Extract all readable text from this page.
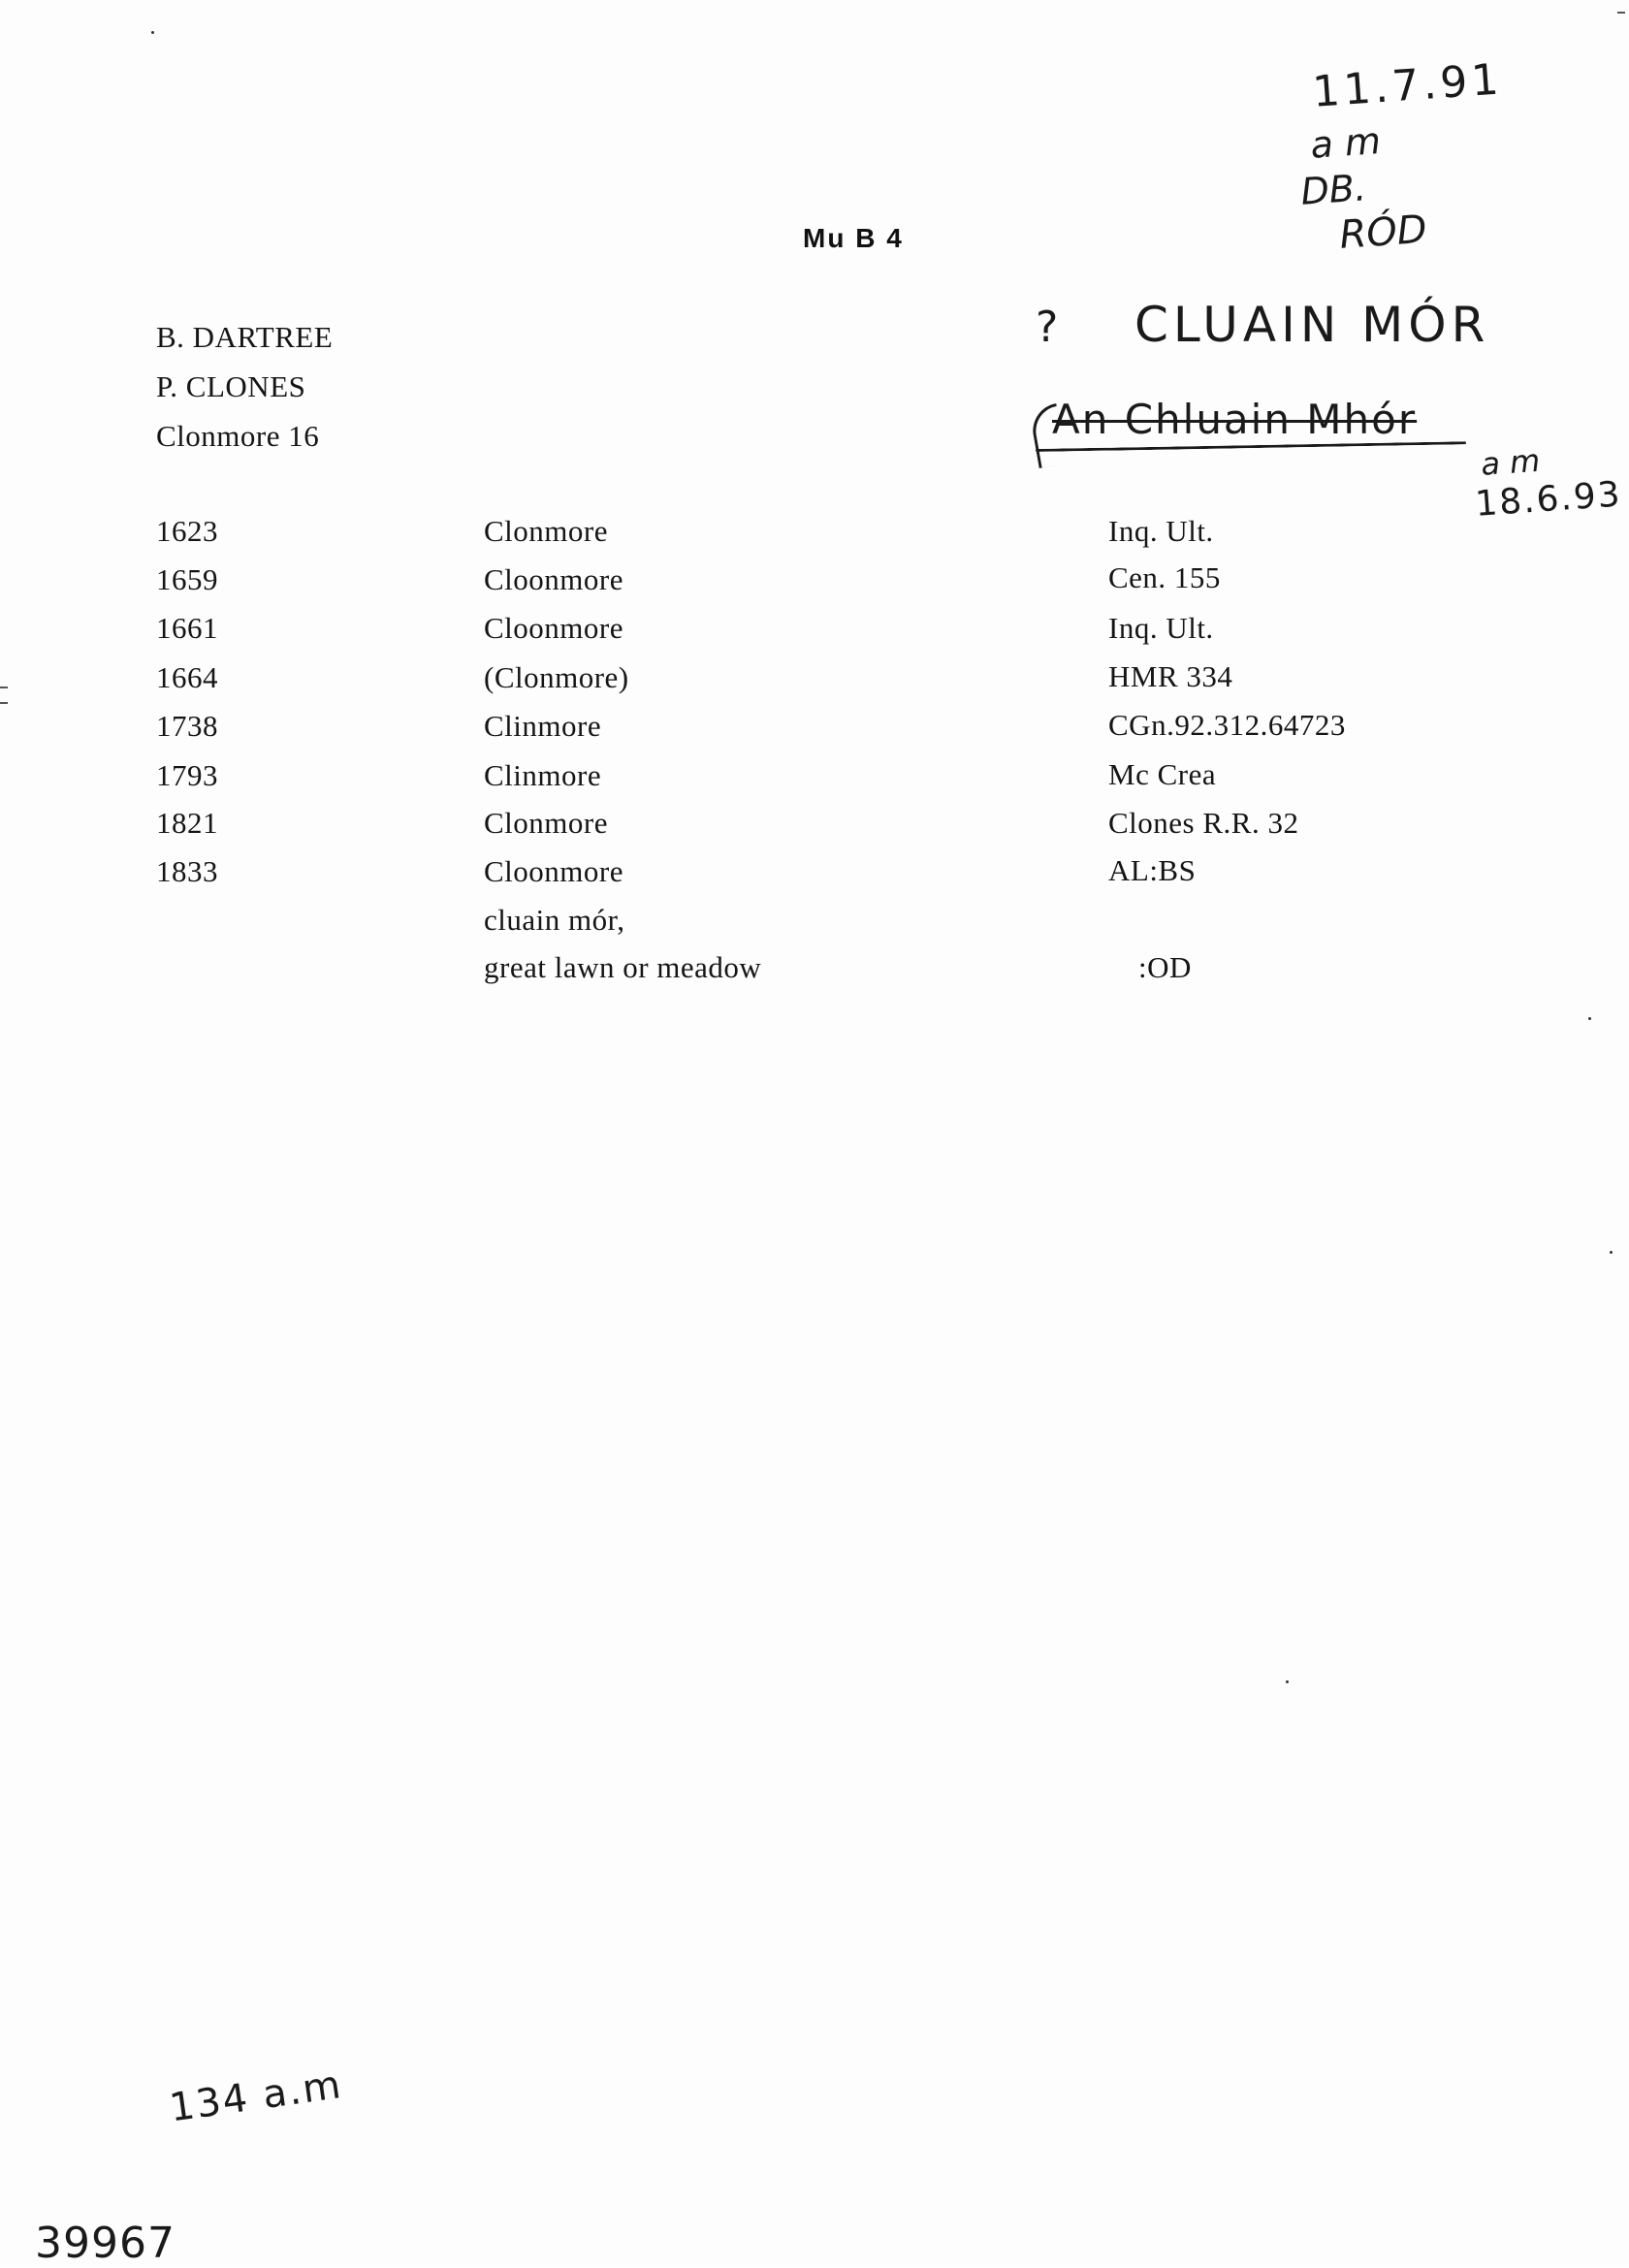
Mu B 4
B. DARTREE
P. CLONES
Clonmore 16
1623	Clonmore	Inq. Ult.
1659	Cloonmore	Cen. 155
1661	Cloonmore	Inq. Ult.
1664	(Clonmore)	HMR 334
1738	Clinmore	CGn.92.312.64723
1793	Clinmore	Mc Crea
1821	Clonmore	Clones R.R. 32
1833	Cloonmore	AL:BS
cluain mór,
great lawn or meadow	:OD
11.7.91
a m
DB.
RÓD
? CLUAIN MÓR
An Chluain Mhór
a m
18.6.93
134 a.m
39967
